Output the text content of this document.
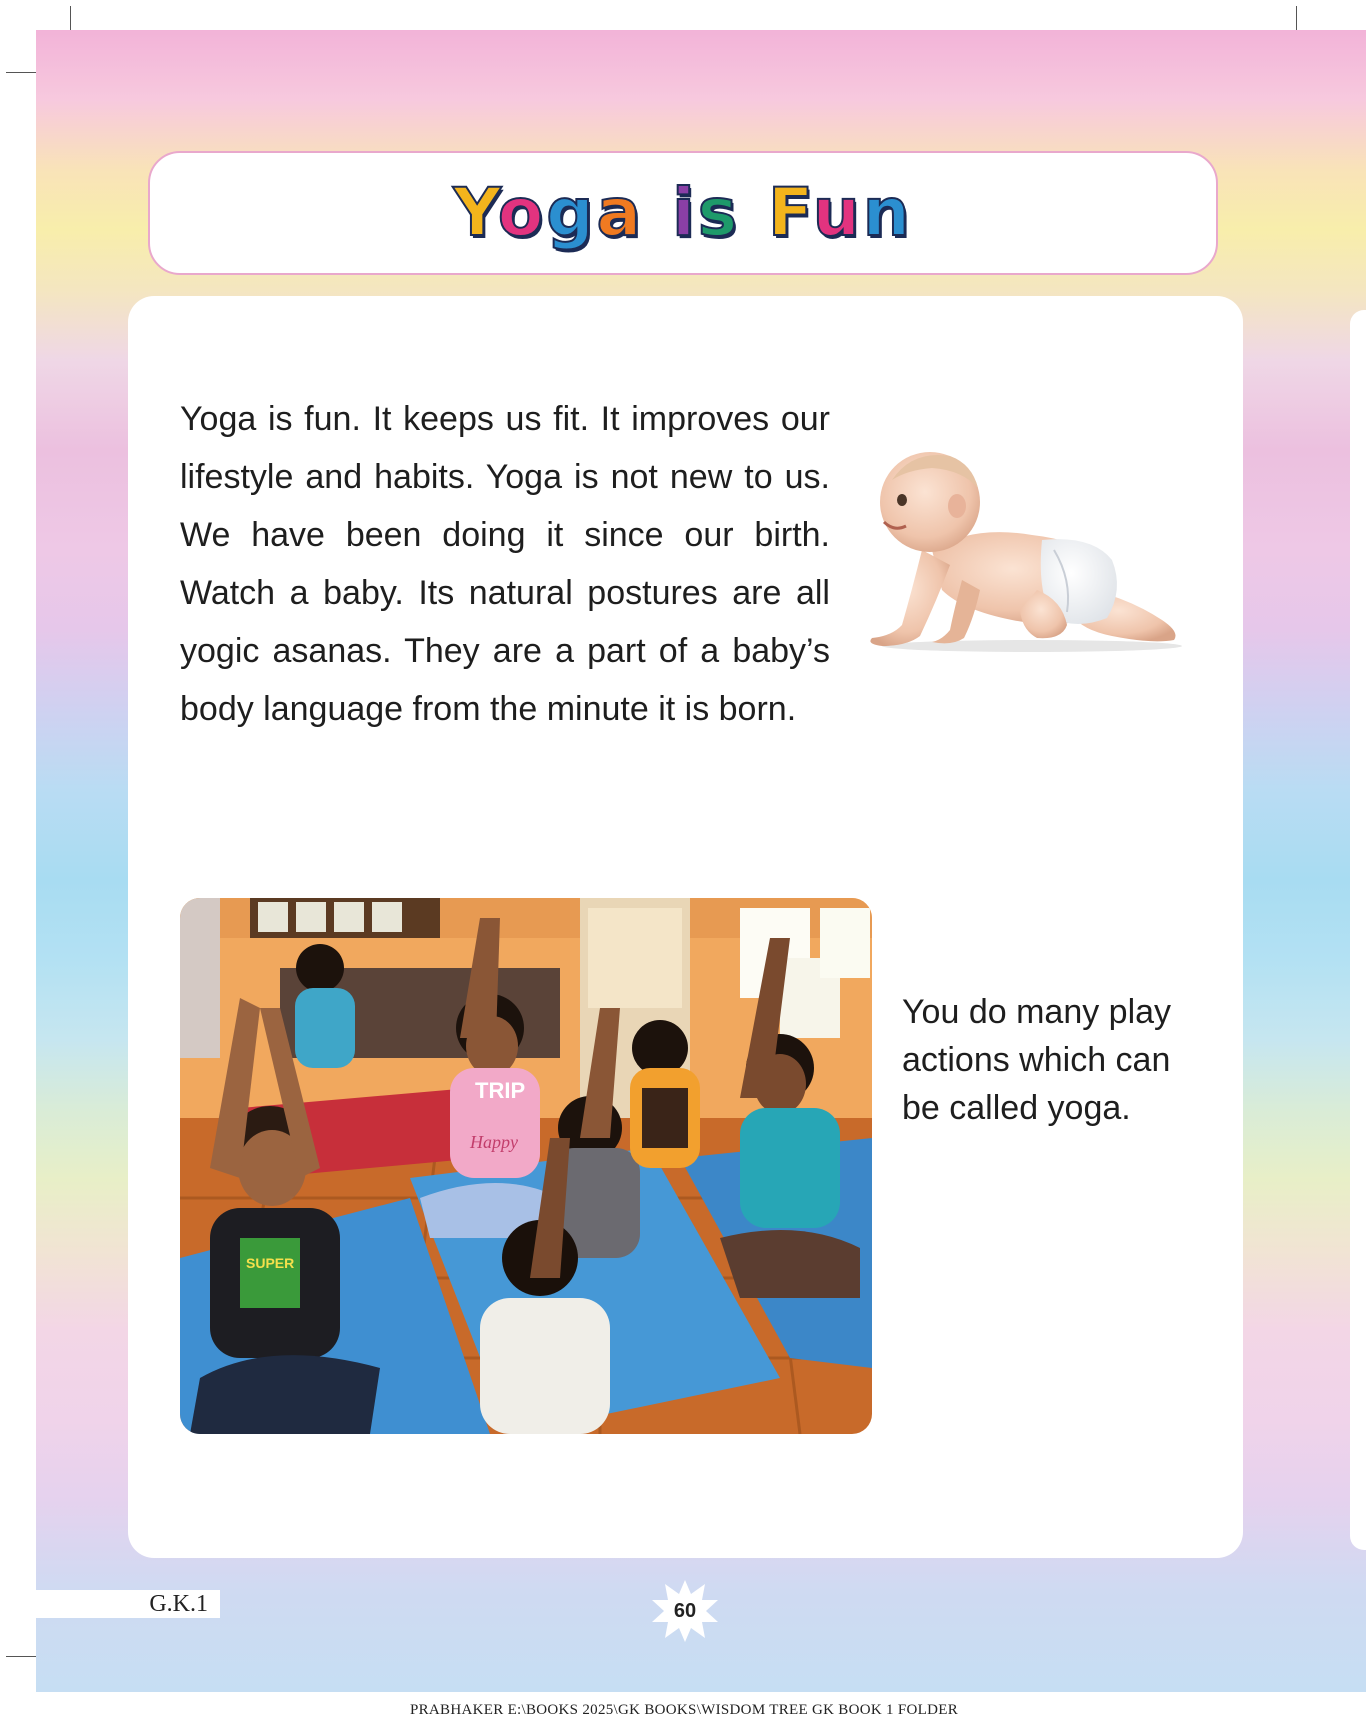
Yoga is Fun

Yoga is fun. It keeps us fit. It improves our lifestyle and habits. Yoga is not new to us. We have been doing it since our birth. Watch a baby. Its natural postures are all yogic asanas. They are a part of a baby’s body language from the minute it is born.

TRIP
Happy
SUPER

You do many play actions which can be called yoga.

G.K.1	60
PRABHAKER E:\BOOKS 2025\GK BOOKS\WISDOM TREE GK BOOK 1 FOLDER
